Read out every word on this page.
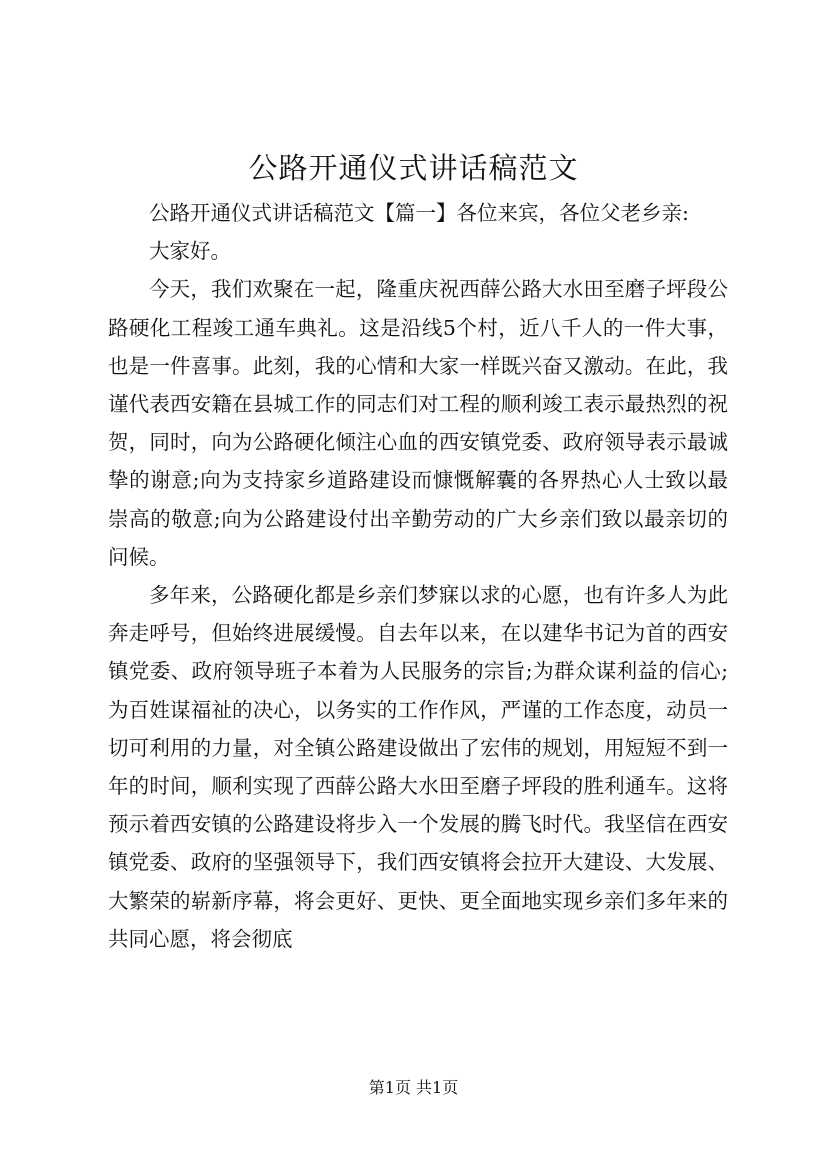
公路开通仪式讲话稿范文

公路开通仪式讲话稿范文【篇一】各位来宾，各位父老乡亲:

大家好。

今天，我们欢聚在一起，隆重庆祝西薛公路大水田至磨子坪段公路硬化工程竣工通车典礼。这是沿线5个村，近八千人的一件大事，也是一件喜事。此刻，我的心情和大家一样既兴奋又激动。在此，我谨代表西安籍在县城工作的同志们对工程的顺利竣工表示最热烈的祝贺，同时，向为公路硬化倾注心血的西安镇党委、政府领导表示最诚挚的谢意;向为支持家乡道路建设而慷慨解囊的各界热心人士致以最崇高的敬意;向为公路建设付出辛勤劳动的广大乡亲们致以最亲切的问候。

多年来，公路硬化都是乡亲们梦寐以求的心愿，也有许多人为此奔走呼号，但始终进展缓慢。自去年以来，在以建华书记为首的西安镇党委、政府领导班子本着为人民服务的宗旨;为群众谋利益的信心;为百姓谋福祉的决心，以务实的工作作风，严谨的工作态度，动员一切可利用的力量，对全镇公路建设做出了宏伟的规划，用短短不到一年的时间，顺利实现了西薛公路大水田至磨子坪段的胜利通车。这将预示着西安镇的公路建设将步入一个发展的腾飞时代。我坚信在西安镇党委、政府的坚强领导下，我们西安镇将会拉开大建设、大发展、大繁荣的崭新序幕，将会更好、更快、更全面地实现乡亲们多年来的共同心愿，将会彻底

第1页 共1页
